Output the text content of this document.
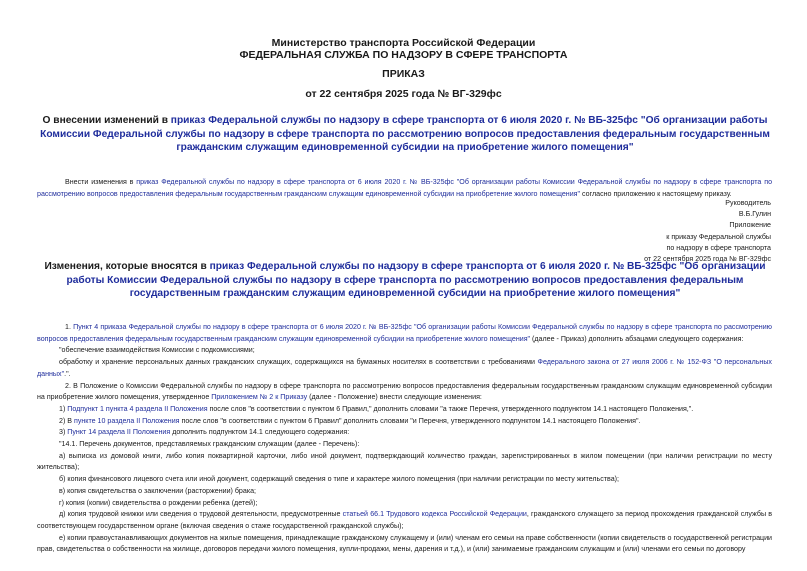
Министерство транспорта Российской Федерации
ФЕДЕРАЛЬНАЯ СЛУЖБА ПО НАДЗОРУ В СФЕРЕ ТРАНСПОРТА
ПРИКАЗ
от 22 сентября 2025 года № ВГ-329фс
О внесении изменений в приказ Федеральной службы по надзору в сфере транспорта от 6 июля 2020 г. № ВБ-325фс "Об организации работы Комиссии Федеральной службы по надзору в сфере транспорта по рассмотрению вопросов предоставления федеральным государственным гражданским служащим единовременной субсидии на приобретение жилого помещения"
Внести изменения в приказ Федеральной службы по надзору в сфере транспорта от 6 июля 2020 г. № ВБ-325фс "Об организации работы Комиссии Федеральной службы по надзору в сфере транспорта по рассмотрению вопросов предоставления федеральным государственным гражданским служащим единовременной субсидии на приобретение жилого помещения" согласно приложению к настоящему приказу.
Руководитель
В.Б.Гулин
Приложение
к приказу Федеральной службы
по надзору в сфере транспорта
от 22 сентября 2025 года № ВГ-329фс
Изменения, которые вносятся в приказ Федеральной службы по надзору в сфере транспорта от 6 июля 2020 г. № ВБ-325фс "Об организации работы Комиссии Федеральной службы по надзору в сфере транспорта по рассмотрению вопросов предоставления федеральным государственным гражданским служащим единовременной субсидии на приобретение жилого помещения"

1. Пункт 4 приказа Федеральной службы по надзору в сфере транспорта от 6 июля 2020 г. № ВБ-325фс "Об организации работы Комиссии Федеральной службы по надзору в сфере транспорта по рассмотрению вопросов предоставления федеральным государственным гражданским служащим единовременной субсидии на приобретение жилого помещения" (далее - Приказ) дополнить абзацами следующего содержания:

"обеспечение взаимодействия Комиссии с подкомиссиями;

обработку и хранение персональных данных гражданских служащих, содержащихся на бумажных носителях в соответствии с требованиями Федерального закона от 27 июля 2006 г. № 152-ФЗ "О персональных данных".".

2. В Положение о Комиссии Федеральной службы по надзору в сфере транспорта по рассмотрению вопросов предоставления федеральным государственным гражданским служащим единовременной субсидии на приобретение жилого помещения, утвержденное Приложением № 2 к Приказу (далее - Положение) внести следующие изменения:

1) Подпункт 1 пункта 4 раздела II Положения после слов "в соответствии с пунктом 6 Правил," дополнить словами "а также Перечня, утвержденного подпунктом 14.1 настоящего Положения,".

2) В пункте 10 раздела II Положения после слов "в соответствии с пунктом 6 Правил" дополнить словами "и Перечня, утвержденного подпунктом 14.1 настоящего Положения".

3) Пункт 14 раздела II Положения дополнить подпунктом 14.1 следующего содержания:

"14.1. Перечень документов, представляемых гражданским служащим (далее - Перечень):

а) выписка из домовой книги, либо копия поквартирной карточки, либо иной документ, подтверждающий количество граждан, зарегистрированных в жилом помещении (при наличии регистрации по месту жительства);

б) копия финансового лицевого счета или иной документ, содержащий сведения о типе и характере жилого помещения (при наличии регистрации по месту жительства);

в) копия свидетельства о заключении (расторжении) брака;

г) копия (копии) свидетельства о рождении ребенка (детей);

д) копия трудовой книжки или сведения о трудовой деятельности, предусмотренные статьей 66.1 Трудового кодекса Российской Федерации, гражданского служащего за период прохождения гражданской службы в соответствующем государственном органе (включая сведения о стаже государственной гражданской службы);

е) копии правоустанавливающих документов на жилые помещения, принадлежащие гражданскому служащему и (или) членам его семьи на праве собственности (копии свидетельств о государственной регистрации прав, свидетельства о собственности на жилище, договоров передачи жилого помещения, купли-продажи, мены, дарения и т.д.), и (или) занимаемые гражданским служащим и (или) членами его семьи по договору
